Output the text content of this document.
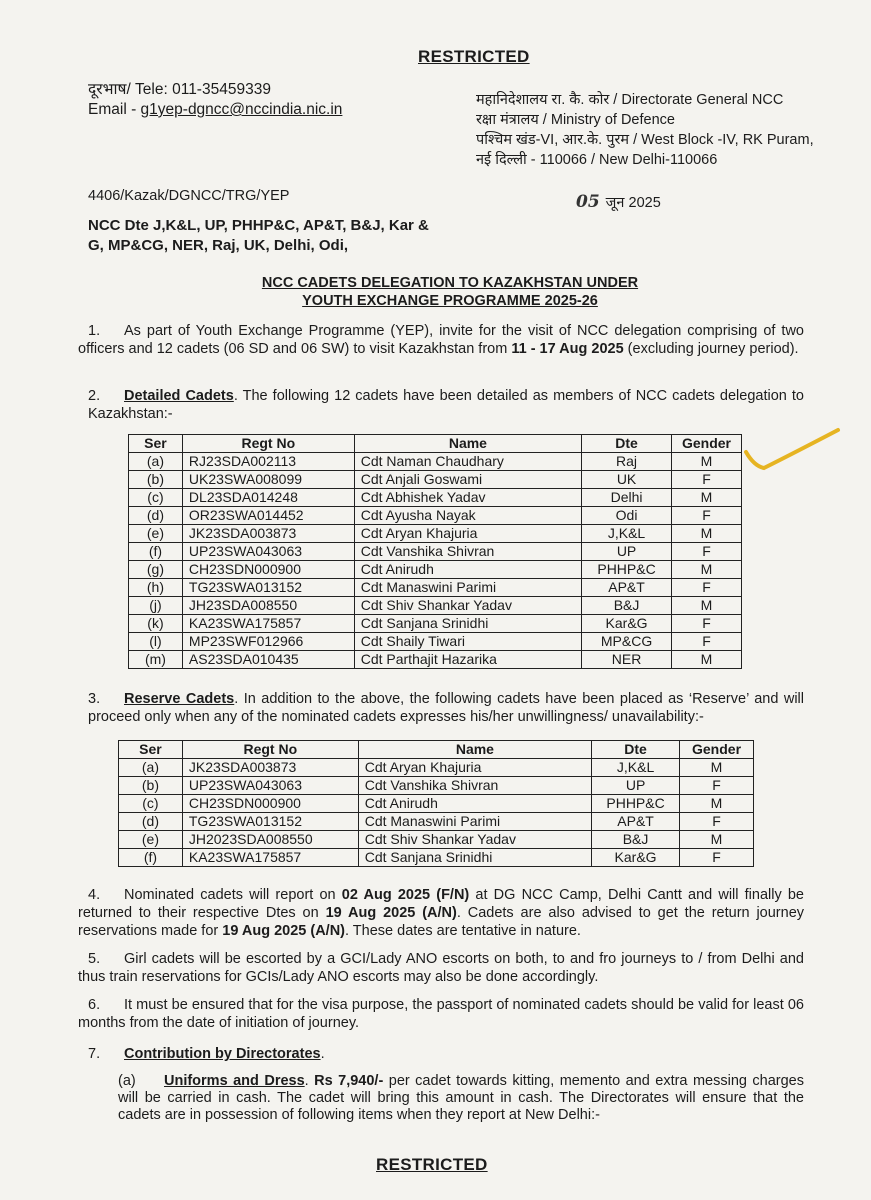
RESTRICTED
दूरभाष/ Tele: 011-35459339
Email - g1yep-dgncc@nccindia.nic.in
महानिदेशालय रा. कै. कोर / Directorate General NCC
रक्षा मंत्रालय / Ministry of Defence
पश्चिम खंड-VI, आर.के. पुरम / West Block -IV, RK Puram,
नई दिल्ली - 110066 / New Delhi-110066
4406/Kazak/DGNCC/TRG/YEP	05 जून 2025
NCC Dte J,K&L, UP, PHHP&C, AP&T, B&J, Kar & G, MP&CG, NER, Raj, UK, Delhi, Odi,
NCC CADETS DELEGATION TO KAZAKHSTAN UNDER
YOUTH EXCHANGE PROGRAMME 2025-26
1. As part of Youth Exchange Programme (YEP), invite for the visit of NCC delegation comprising of two officers and 12 cadets (06 SD and 06 SW) to visit Kazakhstan from 11 - 17 Aug 2025 (excluding journey period).
2. Detailed Cadets. The following 12 cadets have been detailed as members of NCC cadets delegation to Kazakhstan:-
Ser	Regt No	Name	Dte	Gender
(a)	RJ23SDA002113	Cdt Naman Chaudhary	Raj	M
(b)	UK23SWA008099	Cdt Anjali Goswami	UK	F
(c)	DL23SDA014248	Cdt Abhishek Yadav	Delhi	M
(d)	OR23SWA014452	Cdt Ayusha Nayak	Odi	F
(e)	JK23SDA003873	Cdt Aryan Khajuria	J,K&L	M
(f)	UP23SWA043063	Cdt Vanshika Shivran	UP	F
(g)	CH23SDN000900	Cdt Anirudh	PHHP&C	M
(h)	TG23SWA013152	Cdt Manaswini Parimi	AP&T	F
(j)	JH23SDA008550	Cdt Shiv Shankar Yadav	B&J	M
(k)	KA23SWA175857	Cdt Sanjana Srinidhi	Kar&G	F
(l)	MP23SWF012966	Cdt Shaily Tiwari	MP&CG	F
(m)	AS23SDA010435	Cdt Parthajit Hazarika	NER	M
3. Reserve Cadets. In addition to the above, the following cadets have been placed as ‘Reserve’ and will proceed only when any of the nominated cadets expresses his/her unwillingness/ unavailability:-
Ser	Regt No	Name	Dte	Gender
(a)	JK23SDA003873	Cdt Aryan Khajuria	J,K&L	M
(b)	UP23SWA043063	Cdt Vanshika Shivran	UP	F
(c)	CH23SDN000900	Cdt Anirudh	PHHP&C	M
(d)	TG23SWA013152	Cdt Manaswini Parimi	AP&T	F
(e)	JH2023SDA008550	Cdt Shiv Shankar Yadav	B&J	M
(f)	KA23SWA175857	Cdt Sanjana Srinidhi	Kar&G	F
4. Nominated cadets will report on 02 Aug 2025 (F/N) at DG NCC Camp, Delhi Cantt and will finally be returned to their respective Dtes on 19 Aug 2025 (A/N). Cadets are also advised to get the return journey reservations made for 19 Aug 2025 (A/N). These dates are tentative in nature.
5. Girl cadets will be escorted by a GCI/Lady ANO escorts on both, to and fro journeys to / from Delhi and thus train reservations for GCIs/Lady ANO escorts may also be done accordingly.
6. It must be ensured that for the visa purpose, the passport of nominated cadets should be valid for least 06 months from the date of initiation of journey.
7. Contribution by Directorates.
(a) Uniforms and Dress. Rs 7,940/- per cadet towards kitting, memento and extra messing charges will be carried in cash. The cadet will bring this amount in cash. The Directorates will ensure that the cadets are in possession of following items when they report at New Delhi:-
RESTRICTED
